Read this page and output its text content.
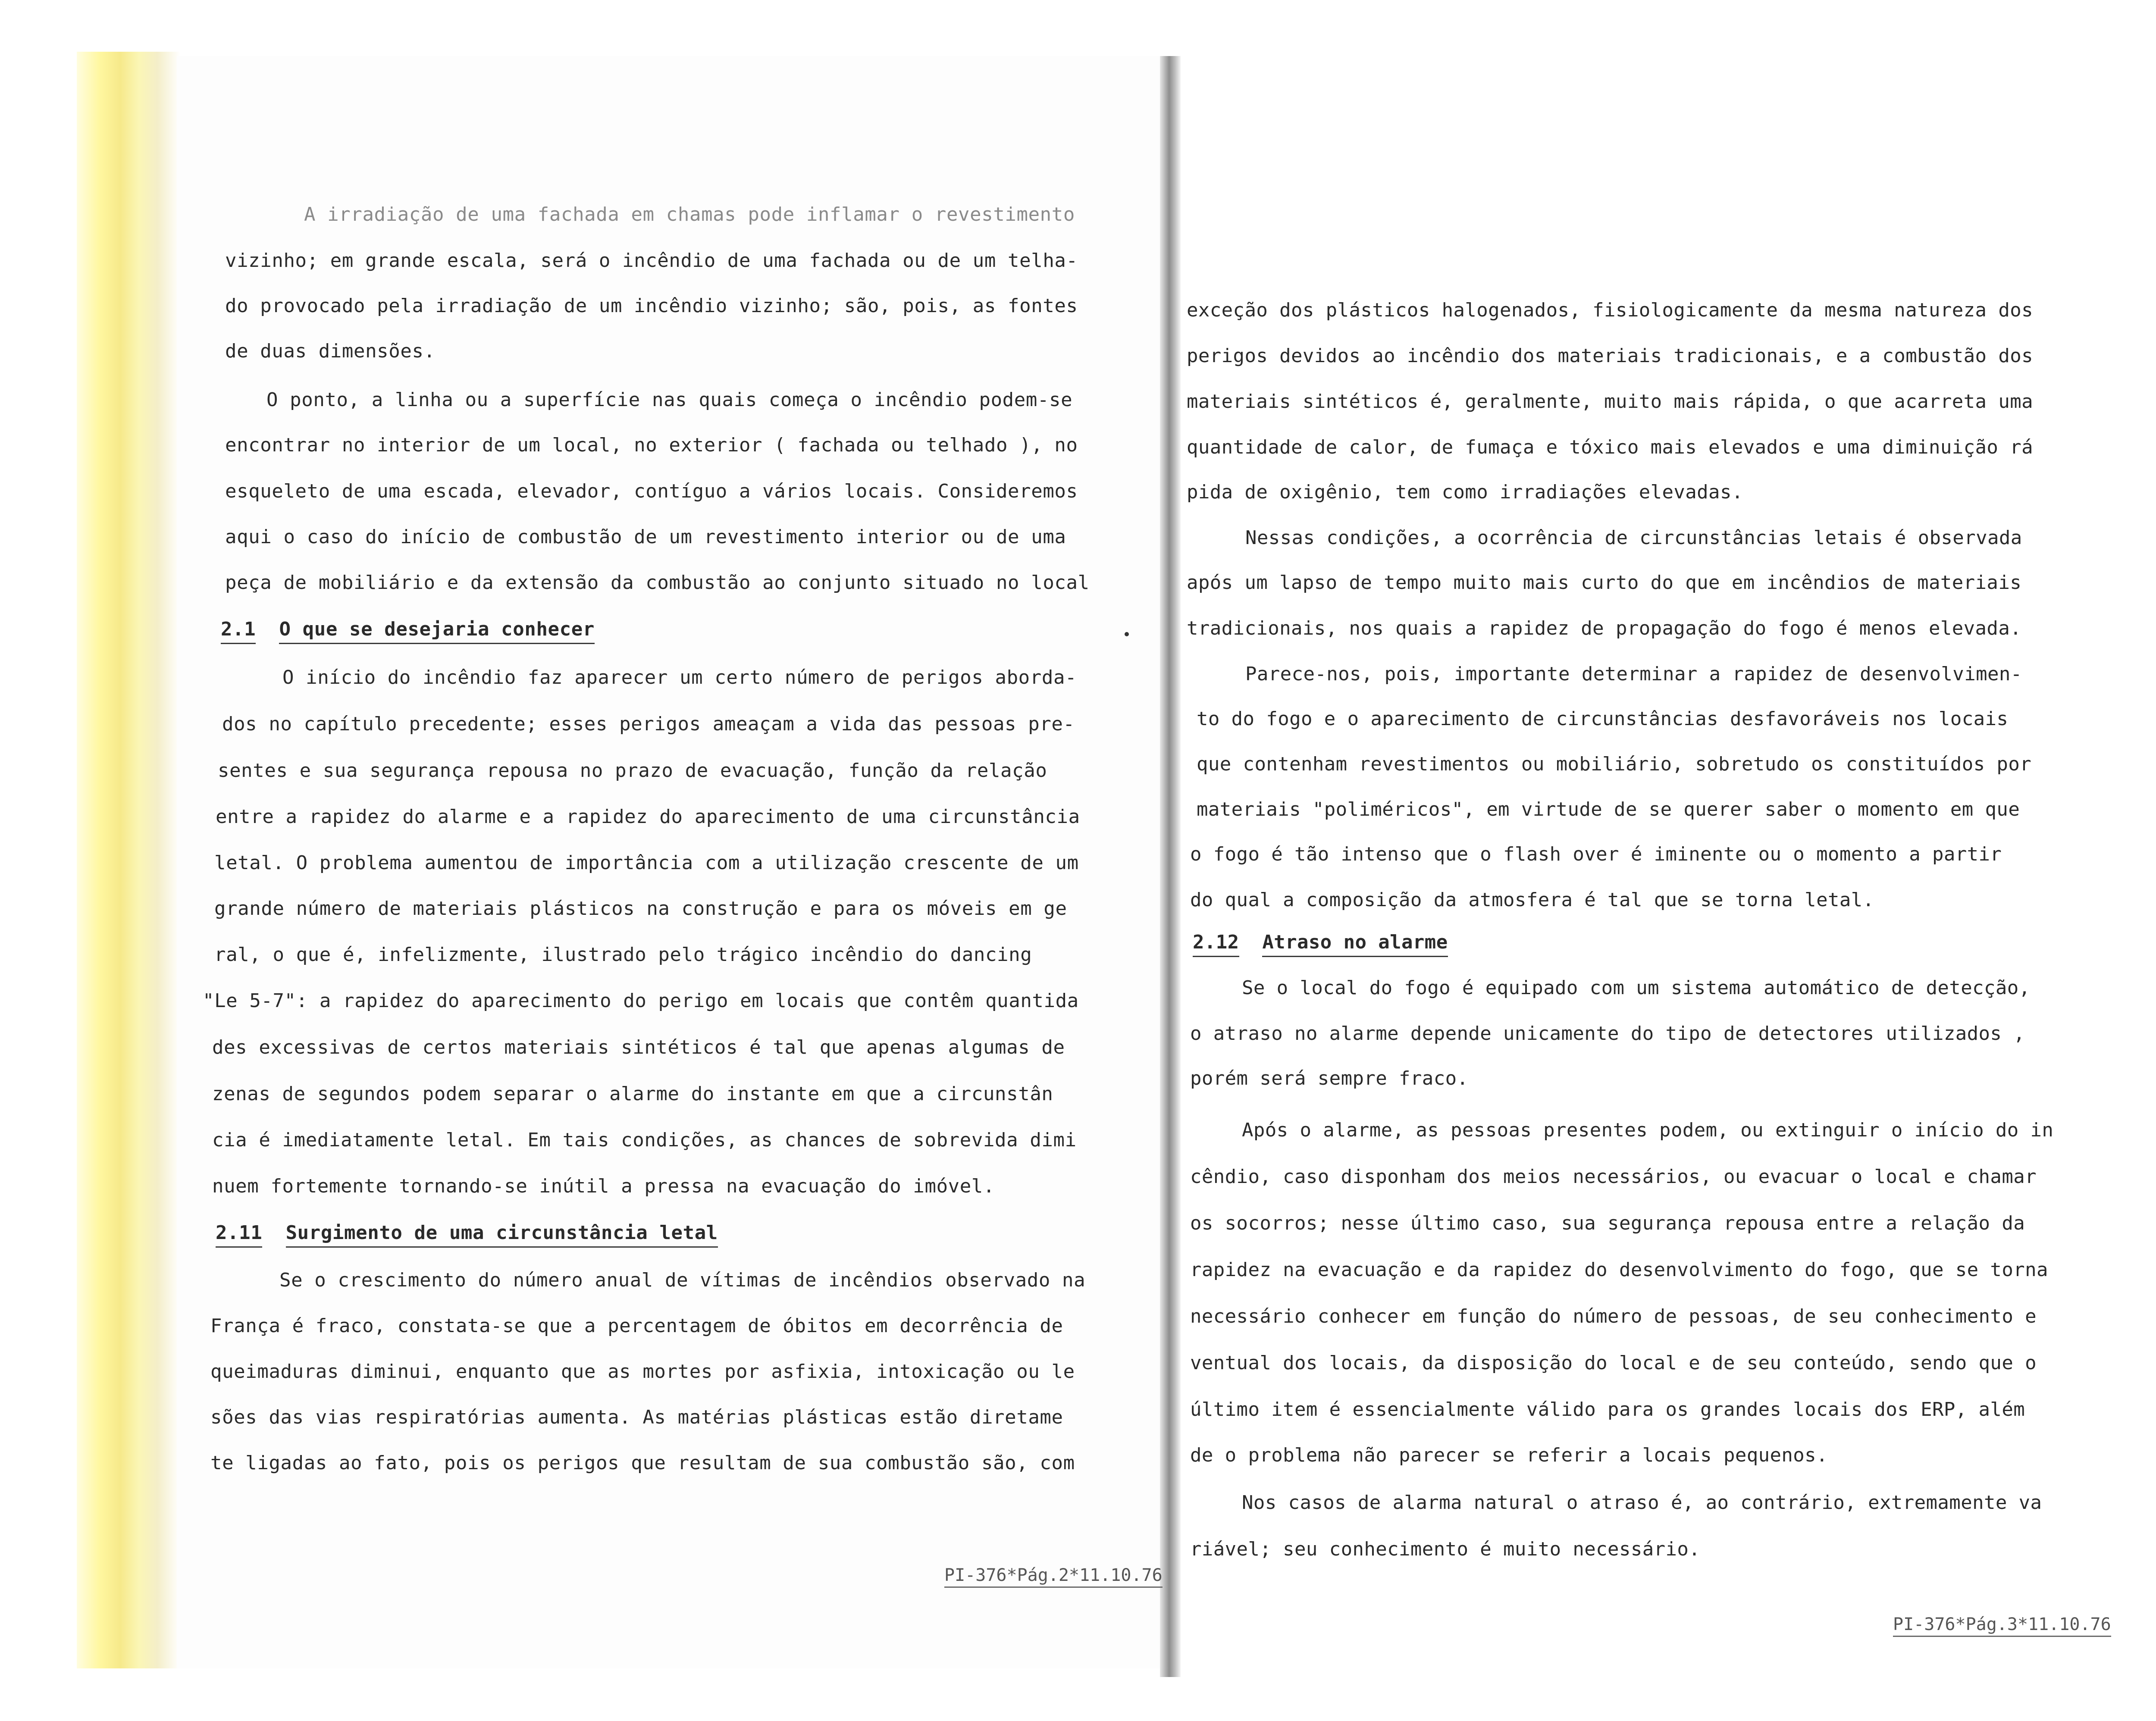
A irradiação de uma fachada em chamas pode inflamar o revestimento
vizinho; em grande escala, será o incêndio de uma fachada ou de um telha-
do provocado pela irradiação de um incêndio vizinho; são, pois, as fontes
de duas dimensões.
O ponto, a linha ou a superfície nas quais começa o incêndio podem-se
encontrar no interior de um local, no exterior ( fachada ou telhado ), no
esqueleto de uma escada, elevador, contíguo a vários locais. Consideremos
aqui o caso do início de combustão de um revestimento interior ou de uma
peça de mobiliário e da extensão da combustão ao conjunto situado no local
2.1 O que se desejaria conhecer
O início do incêndio faz aparecer um certo número de perigos aborda-
dos no capítulo precedente; esses perigos ameaçam a vida das pessoas pre-
sentes e sua segurança repousa no prazo de evacuação, função da relação
entre a rapidez do alarme e a rapidez do aparecimento de uma circunstância
letal. O problema aumentou de importância com a utilização crescente de um
grande número de materiais plásticos na construção e para os móveis em ge
ral, o que é, infelizmente, ilustrado pelo trágico incêndio do dancing
"Le 5-7": a rapidez do aparecimento do perigo em locais que contêm quantida
des excessivas de certos materiais sintéticos é tal que apenas algumas de
zenas de segundos podem separar o alarme do instante em que a circunstân
cia é imediatamente letal. Em tais condições, as chances de sobrevida dimi
nuem fortemente tornando-se inútil a pressa na evacuação do imóvel.
2.11 Surgimento de uma circunstância letal
Se o crescimento do número anual de vítimas de incêndios observado na
França é fraco, constata-se que a percentagem de óbitos em decorrência de
queimaduras diminui, enquanto que as mortes por asfixia, intoxicação ou le
sões das vias respiratórias aumenta. As matérias plásticas estão diretame
te ligadas ao fato, pois os perigos que resultam de sua combustão são, com
PI-376*Pág.2*11.10.76
exceção dos plásticos halogenados, fisiologicamente da mesma natureza dos
perigos devidos ao incêndio dos materiais tradicionais, e a combustão dos
materiais sintéticos é, geralmente, muito mais rápida, o que acarreta uma
quantidade de calor, de fumaça e tóxico mais elevados e uma diminuição rá
pida de oxigênio, tem como irradiações elevadas.
Nessas condições, a ocorrência de circunstâncias letais é observada
após um lapso de tempo muito mais curto do que em incêndios de materiais
tradicionais, nos quais a rapidez de propagação do fogo é menos elevada.
Parece-nos, pois, importante determinar a rapidez de desenvolvimen-
to do fogo e o aparecimento de circunstâncias desfavoráveis nos locais
que contenham revestimentos ou mobiliário, sobretudo os constituídos por
materiais "poliméricos", em virtude de se querer saber o momento em que
o fogo é tão intenso que o flash over é iminente ou o momento a partir
do qual a composição da atmosfera é tal que se torna letal.
2.12 Atraso no alarme
Se o local do fogo é equipado com um sistema automático de detecção,
o atraso no alarme depende unicamente do tipo de detectores utilizados ,
porém será sempre fraco.
Após o alarme, as pessoas presentes podem, ou extinguir o início do in
cêndio, caso disponham dos meios necessários, ou evacuar o local e chamar
os socorros; nesse último caso, sua segurança repousa entre a relação da
rapidez na evacuação e da rapidez do desenvolvimento do fogo, que se torna
necessário conhecer em função do número de pessoas, de seu conhecimento e
ventual dos locais, da disposição do local e de seu conteúdo, sendo que o
último item é essencialmente válido para os grandes locais dos ERP, além
de o problema não parecer se referir a locais pequenos.
Nos casos de alarma natural o atraso é, ao contrário, extremamente va
riável; seu conhecimento é muito necessário.
PI-376*Pág.3*11.10.76
